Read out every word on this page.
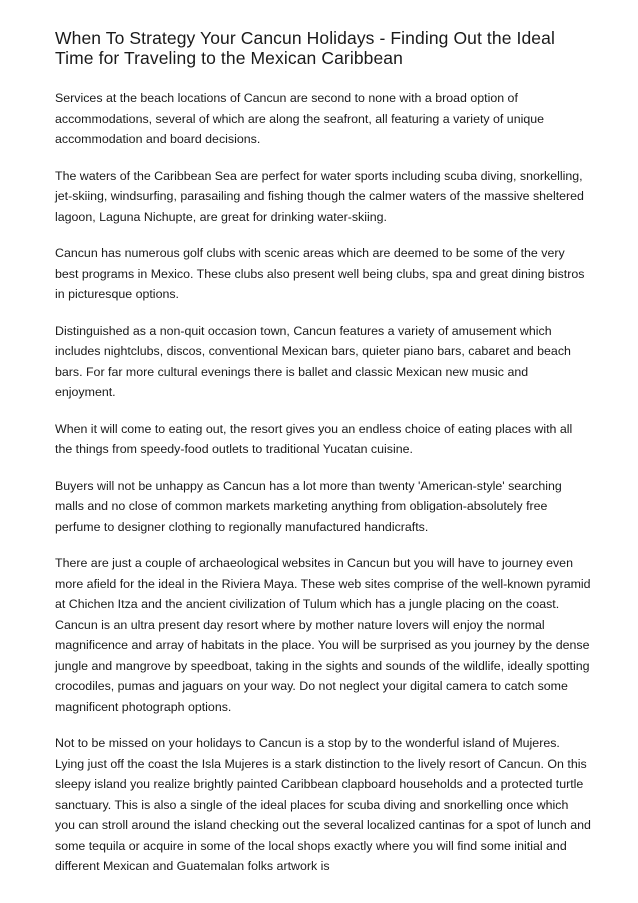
When To Strategy Your Cancun Holidays - Finding Out the Ideal Time for Traveling to the Mexican Caribbean

Services at the beach locations of Cancun are second to none with a broad option of accommodations, several of which are along the seafront, all featuring a variety of unique accommodation and board decisions.

The waters of the Caribbean Sea are perfect for water sports including scuba diving, snorkelling, jet-skiing, windsurfing, parasailing and fishing though the calmer waters of the massive sheltered lagoon, Laguna Nichupte, are great for drinking water-skiing.

Cancun has numerous golf clubs with scenic areas which are deemed to be some of the very best programs in Mexico. These clubs also present well being clubs, spa and great dining bistros in picturesque options.

Distinguished as a non-quit occasion town, Cancun features a variety of amusement which includes nightclubs, discos, conventional Mexican bars, quieter piano bars, cabaret and beach bars. For far more cultural evenings there is ballet and classic Mexican new music and enjoyment.

When it will come to eating out, the resort gives you an endless choice of eating places with all the things from speedy-food outlets to traditional Yucatan cuisine.

Buyers will not be unhappy as Cancun has a lot more than twenty 'American-style' searching malls and no close of common markets marketing anything from obligation-absolutely free perfume to designer clothing to regionally manufactured handicrafts.

There are just a couple of archaeological websites in Cancun but you will have to journey even more afield for the ideal in the Riviera Maya. These web sites comprise of the well-known pyramid at Chichen Itza and the ancient civilization of Tulum which has a jungle placing on the coast. Cancun is an ultra present day resort where by mother nature lovers will enjoy the normal magnificence and array of habitats in the place. You will be surprised as you journey by the dense jungle and mangrove by speedboat, taking in the sights and sounds of the wildlife, ideally spotting crocodiles, pumas and jaguars on your way. Do not neglect your digital camera to catch some magnificent photograph options.

Not to be missed on your holidays to Cancun is a stop by to the wonderful island of Mujeres. Lying just off the coast the Isla Mujeres is a stark distinction to the lively resort of Cancun. On this sleepy island you realize brightly painted Caribbean clapboard households and a protected turtle sanctuary. This is also a single of the ideal places for scuba diving and snorkelling once which you can stroll around the island checking out the several localized cantinas for a spot of lunch and some tequila or acquire in some of the local shops exactly where you will find some initial and different Mexican and Guatemalan folks artwork is
